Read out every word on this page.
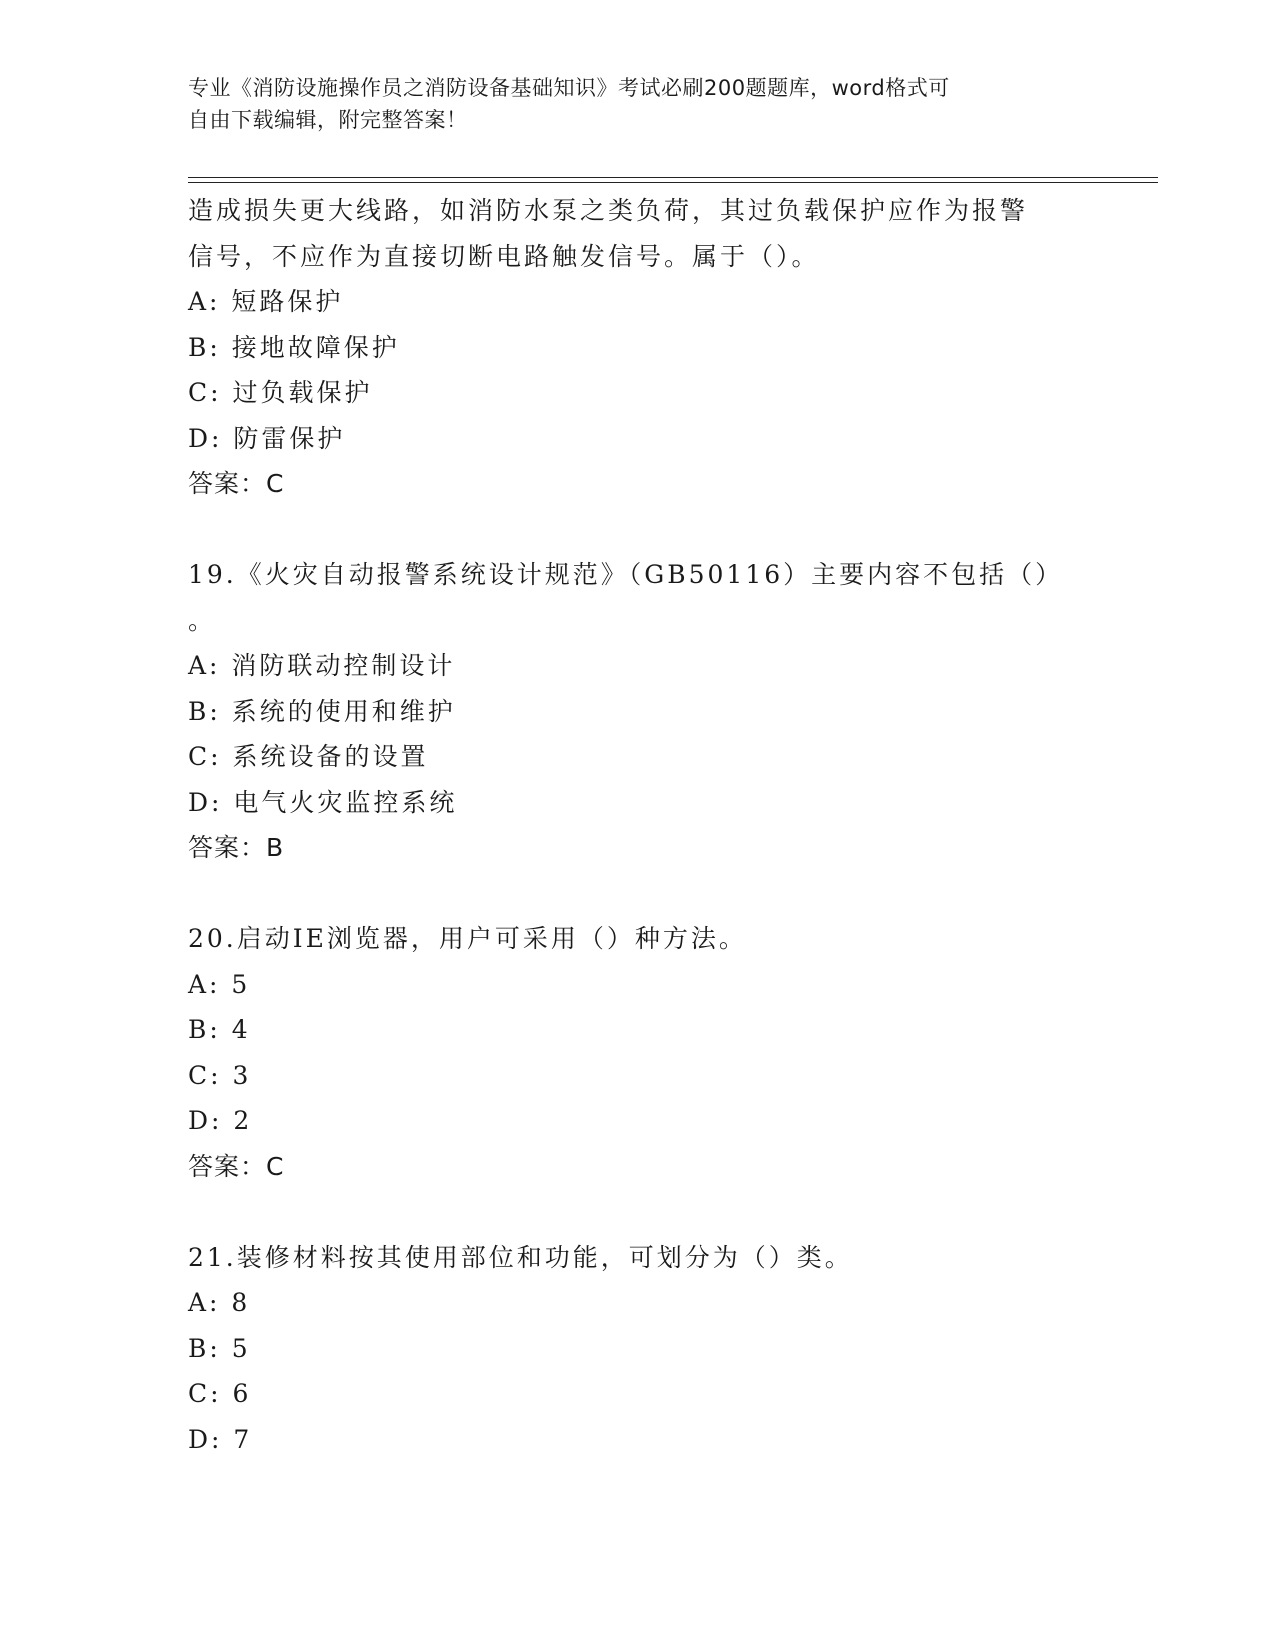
专业《消防设施操作员之消防设备基础知识》考试必刷200题题库，word格式可
自由下载编辑，附完整答案！
造成损失更大线路，如消防水泵之类负荷，其过负载保护应作为报警
信号，不应作为直接切断电路触发信号。属于（）。
A: 短路保护
B: 接地故障保护
C: 过负载保护
D: 防雷保护
答案：C
19.《火灾自动报警系统设计规范》（GB50116）主要内容不包括（）
。
A: 消防联动控制设计
B: 系统的使用和维护
C: 系统设备的设置
D: 电气火灾监控系统
答案：B
20.启动IE浏览器，用户可采用（）种方法。
A: 5
B: 4
C: 3
D: 2
答案：C
21.装修材料按其使用部位和功能，可划分为（）类。
A: 8
B: 5
C: 6
D: 7
